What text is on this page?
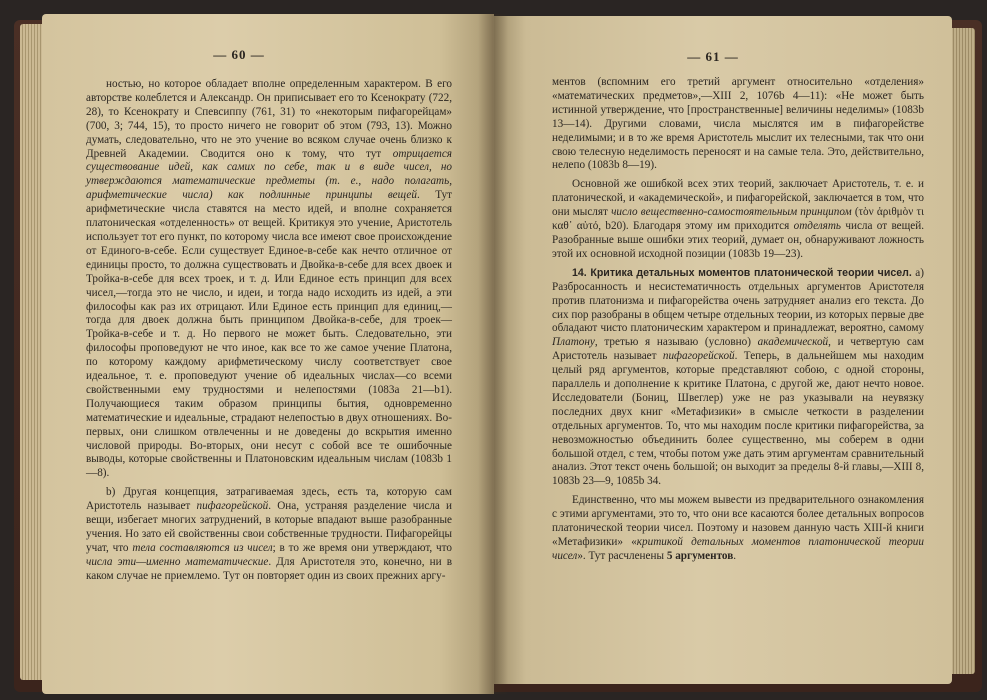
— 60 —

ностью, но которое обладает вполне определенным характером. В его авторстве колеблется и Александр. Он приписывает его то Ксенократу (722, 28), то Ксенократу и Спевсиппу (761, 31) то «некоторым пифагорейцам» (700, 3; 744, 15), то просто ничего не говорит об этом (793, 13). Можно думать, следовательно, что не это учение во всяком случае очень близко к Древней Академии. Сводится оно к тому, что тут отрицается существование идей, как самих по себе, так и в виде чисел, но утверждаются математические предметы (т. е., надо полагать, арифметические числа) как подлинные принципы вещей. Тут арифметические числа ставятся на место идей, и вполне сохраняется платоническая «отделенность» от вещей. Критикуя это учение, Аристотель использует тот его пункт, по которому числа все имеют свое происхождение от Единого-в-себе. Если существует Единое-в-себе как нечто отличное от единицы просто, то должна существовать и Двойка-в-себе для всех двоек и Тройка-в-себе для всех троек, и т. д. Или Единое есть принцип для всех чисел,—тогда это не число, и идеи, и тогда надо исходить из идей, а эти философы как раз их отрицают. Или Единое есть принцип для единиц,—тогда для двоек должна быть принципом Двойка-в-себе, для троек—Тройка-в-себе и т. д. Но первого не может быть. Следовательно, эти философы проповедуют не что иное, как все то же самое учение Платона, по которому каждому арифметическому числу соответствует свое идеальное, т. е. проповедуют учение об идеальных числах—со всеми свойственными ему трудностями и нелепостями (1083а 21—b1). Получающиеся таким образом принципы бытия, одновременно математические и идеальные, страдают нелепостью в двух отношениях. Во-первых, они слишком отвлеченны и не доведены до вскрытия именно числовой природы. Во-вторых, они несут с собой все те ошибочные выводы, которые свойственны и Платоновским идеальным числам (1083b 1—8).

b) Другая концепция, затрагиваемая здесь, есть та, которую сам Аристотель называет пифагорейской. Она, устраняя разделение числа и вещи, избегает многих затруднений, в которые впадают выше разобранные учения. Но зато ей свойственны свои собственные трудности. Пифагорейцы учат, что тела составляются из чисел; в то же время они утверждают, что числа эти—именно математические. Для Аристотеля это, конечно, ни в каком случае не приемлемо. Тут он повторяет один из своих прежних аргу-

— 61 —

ментов (вспомним его третий аргумент относительно «отделения» «математических предметов»,—XIII 2, 1076b 4—11): «Не может быть истинной утверждение, что [пространственные] величины неделимы» (1083b 13—14). Другими словами, числа мыслятся им в пифагорействе неделимыми; и в то же время Аристотель мыслит их телесными, так что они свою телесную неделимость переносят и на самые тела. Это, действительно, нелепо (1083b 8—19).

Основной же ошибкой всех этих теорий, заключает Аристотель, т. е. и платонической, и «академической», и пифагорейской, заключается в том, что они мыслят число вещественно-самостоятельным принципом (τὸν ἀριθμὸν τι καθ᾽ αὑτό, b20). Благодаря этому им приходится отделять числа от вещей. Разобранные выше ошибки этих теорий, думает он, обнаруживают ложность этой их основной исходной позиции (1083b 19—23).

14. Критика детальных моментов платонической теории чисел. a) Разбросанность и несистематичность отдельных аргументов Аристотеля против платонизма и пифагорейства очень затрудняет анализ его текста. До сих пор разобраны в общем четыре отдельных теории, из которых первые две обладают чисто платоническим характером и принадлежат, вероятно, самому Платону, третью я называю (условно) академической, и четвертую сам Аристотель называет пифагорейской. Теперь, в дальнейшем мы находим целый ряд аргументов, которые представляют собою, с одной стороны, параллель и дополнение к критике Платона, с другой же, дают нечто новое. Исследователи (Бониц, Швеглер) уже не раз указывали на неувязку последних двух книг «Метафизики» в смысле четкости в разделении отдельных аргументов. То, что мы находим после критики пифагорейства, за невозможностью объединить более существенно, мы соберем в одни большой отдел, с тем, чтобы потом уже дать этим аргументам сравнительный анализ. Этот текст очень большой; он выходит за пределы 8-й главы,—XIII 8, 1083b 23—9, 1085b 34.

Единственно, что мы можем вывести из предварительного ознакомления с этими аргументами, это то, что они все касаются более детальных вопросов платонической теории чисел. Поэтому и назовем данную часть XIII-й книги «Метафизики» «критикой детальных моментов платонической теории чисел». Тут расчленены 5 аргументов.
